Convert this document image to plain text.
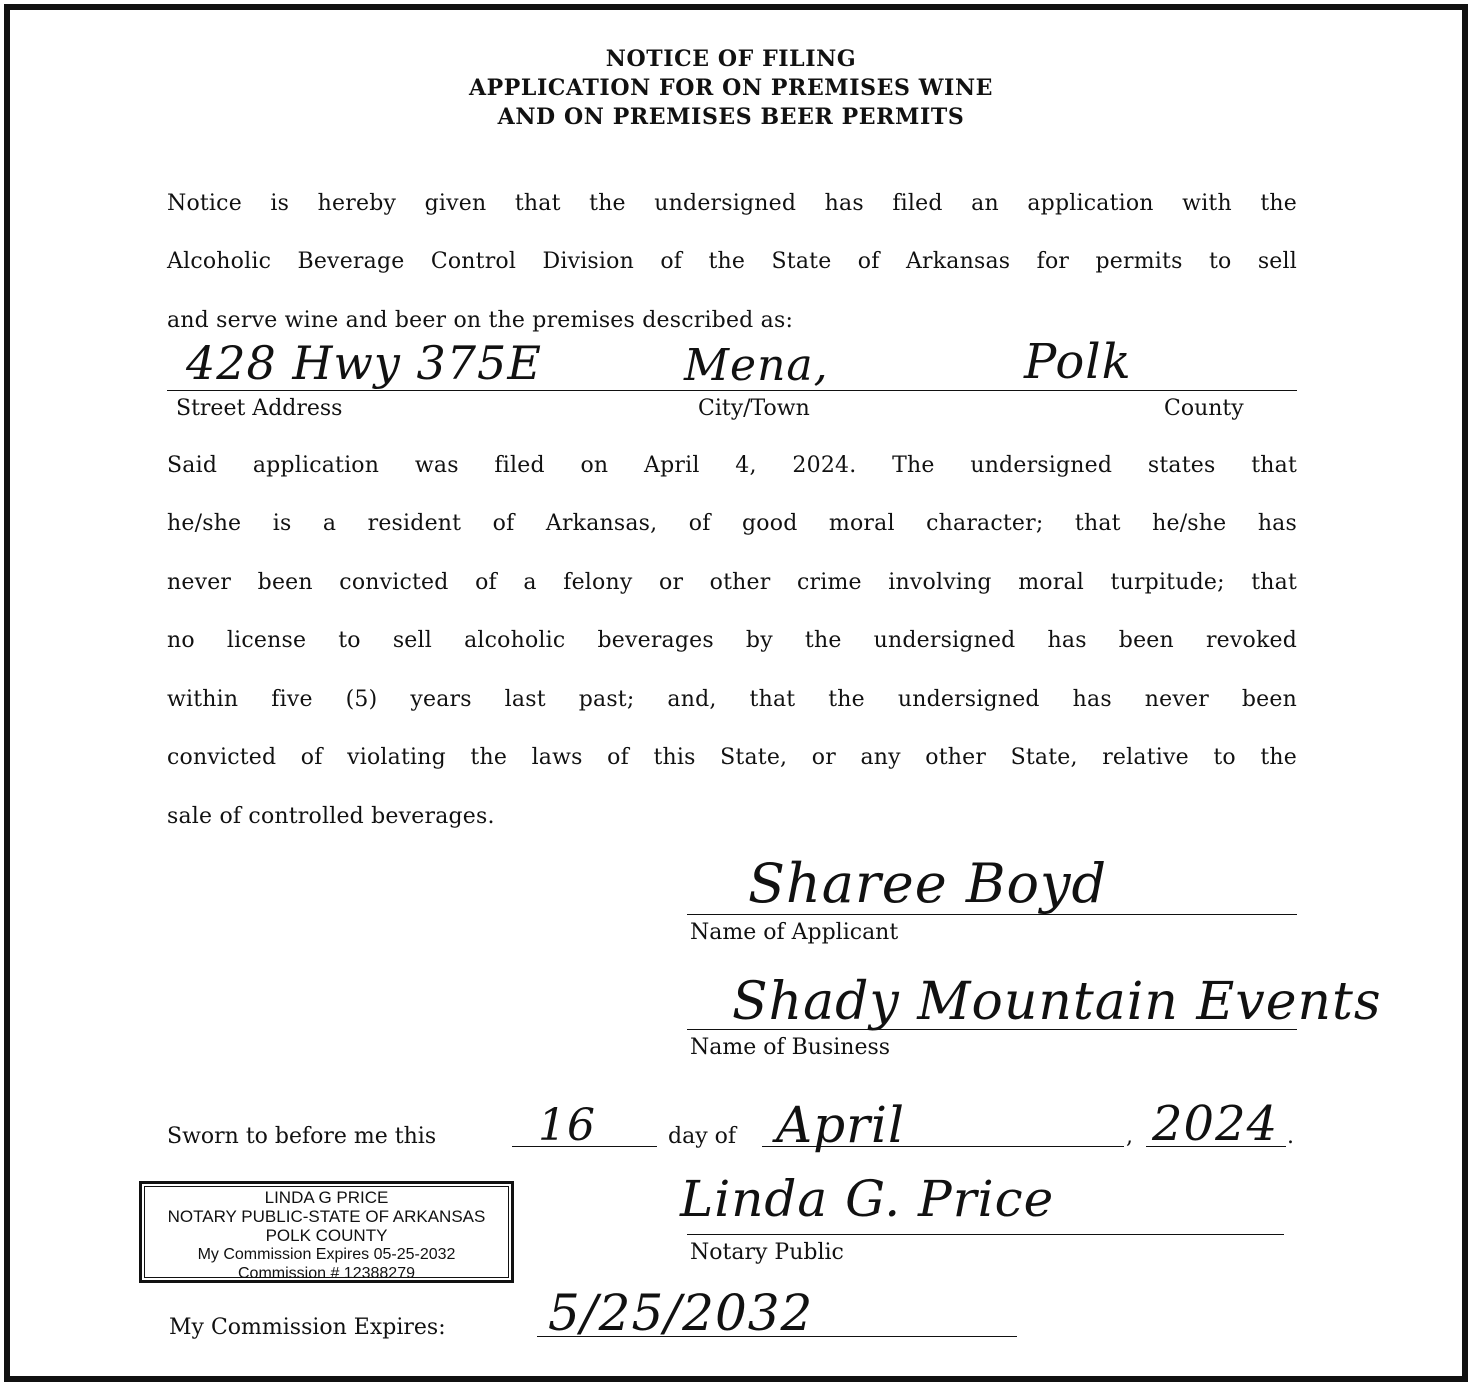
NOTICE OF FILING
APPLICATION FOR ON PREMISES WINE
AND ON PREMISES BEER PERMITS
Notice is hereby given that the undersigned has filed an application with the
Alcoholic Beverage Control Division of the State of Arkansas for permits to sell
and serve wine and beer on the premises described as:
428 Hwy 375E	Mena,	Polk
Street Address	City/Town	County
Said application was filed on April 4, 2024. The undersigned states that
he/she is a resident of Arkansas, of good moral character; that he/she has
never been convicted of a felony or other crime involving moral turpitude; that
no license to sell alcoholic beverages by the undersigned has been revoked
within five (5) years last past; and, that the undersigned has never been
convicted of violating the laws of this State, or any other State, relative to the
sale of controlled beverages.
Sharee Boyd
Name of Applicant
Shady Mountain Events
Name of Business
Sworn to before me this 16	day of April	, 2024 .
Linda G. Price
Notary Public
LINDA G PRICE
NOTARY PUBLIC-STATE OF ARKANSAS
POLK COUNTY
My Commission Expires 05-25-2032
Commission # 12388279
My Commission Expires: 5/25/2032
